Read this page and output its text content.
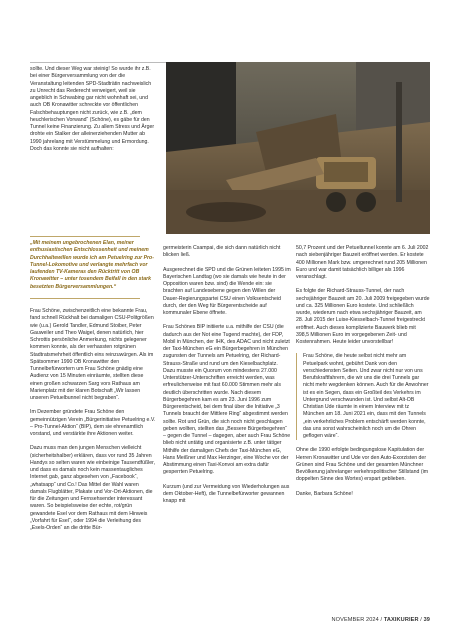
sollte. Und dieser Weg war steinig! So wurde ihr z.B. bei einer Bürgerversammlung von der die Veranstaltung leitenden SPD-Stadträtin nachweislich zu Unrecht das Rederecht verweigert, weil sie angeblich in Schwabing gar nicht wohnhaft sei, und auch OB Kronawitter schreckte vor öffentlichen Falschbehauptungen nicht zurück, wie z.B. „dem heuchlerischen Vorwand“ (Schöne), es gäbe für den Tunnel keine Finanzierung. Zu allem Stress und Ärger drohte ein Stalker der alleinerziehenden Mutter ab 1990 jahrelang mit Verstümmelung und Ermordung. Doch das konnte sie nicht aufhalten:

„Mit meinem ungebrochenen Elan, meiner enthusiastischen Entschlossenheit und meinem Durchhaltewillen wurde ich am Petuelring zur Pro-Tunnel-Lokomotive und verlangte mehrfach vor laufenden TV-Kameras den Rücktritt von OB Kronawitter – unter tosendem Beifall in den stark besetzten Bürgerversammlungen.“

Frau Schöne, zwischenzeitlich eine bekannte Frau, fand schnell Rückhalt bei damaligen CSU-Politgrößen wie (u.a.) Gerold Tandler, Edmund Stoiber, Peter Gauweiler und Theo Waigel, denen natürlich, hier Schrottis persönliche Anmerkung, nichts gelegener kommen konnte, als der verhassten rotgrünen Stadtratsmehrheit öffentlich eins reinzuwürgen. Als im Spätsommer 1990 OB Kronawitter den Tunnelbefürwortern um Frau Schöne gnädig eine Audienz von 15 Minuten einräumte, stellten diese einen großen schwarzen Sarg vors Rathaus am Marienplatz mit der klaren Botschaft „Wir lassen unseren Petuelbunnel nicht begraben“.

Im Dezember gründete Frau Schöne den gemeinnützigen Verein „Bürgerinitiative Petuelring e.V. – Pro-Tunnel-Aktion“ (BIP), dem sie ehrenamtlich vorstand, und verstärkte ihre Aktionen weiter.

Dazu muss man den jungen Menschen vielleicht (sicherheitshalber) erklären, dass vor rund 35 Jahren Handys so selten waren wie einbeinige Tausendfüßler, und dass es damals noch kein massentaugliches Internet gab, ganz abgesehen von „Facebook“, „whatsapp“ und Co.! Das Mittel der Wahl waren damals Flugblätter, Plakate und Vor-Ort-Aktionen, die für die Zeitungen und Fernsehsender interessant waren. So beispielsweise der echte, rot/grün gewandete Esel vor dem Rathaus mit dem Hinweis „Vorfahrt für Esel“, oder 1994 die Verleihung des „Esels-Orden“ an die dritte Bür-

germeisterin Csampai, die sich dann natürlich nicht blicken ließ.

Ausgerechnet die SPD und die Grünen leiteten 1995 im Bayerischen Landtag (wo sie damals wie heute in der Opposition waren bzw. sind) die Wende ein: sie brachten auf Landesebene gegen den Willen der Dauer-Regierungspartei CSU einen Volksentscheid durch, der den Weg für Bürgerentscheide auf kommunaler Ebene öffnete.

Frau Schönes BIP initiierte u.a. mithilfe der CSU (die dadurch aus der Not eine Tugend machte), der FDP, Mobil in München, der IHK, des ADAC und nicht zuletzt der Taxi-München eG ein Bürgerbegehren in München zugunsten der Tunnels am Petuelring, der Richard-Strauss-Straße und rund um den Kieselbachplatz. Dazu musste ein Quorum von mindestens 27.000 Unterstützer-Unterschriften erreicht werden, was erfreulicherweise mit fast 60.000 Stimmen mehr als deutlich überschritten wurde. Nach diesem Bürgerbegehren kam es am 23. Juni 1996 zum Bürgerentscheid, bei dem final über die Initiative „3 Tunnels braucht der Mittlere Ring“ abgestimmt werden sollte. Rot und Grün, die sich noch nicht geschlagen geben wollten, stellten das „Bessere Bürgerbegehren“ – gegen die Tunnel – dagegen, aber auch Frau Schöne blieb nicht untätig und organisierte z.B. unter tätiger Mithilfe der damaligen Chefs der Taxi-München eG, Hans Meißner und Max Herzinger, eine Woche vor der Abstimmung einen Taxi-Konvoi am extra dafür gesperrten Petuelring.

Kurzum (und zur Vermeidung von Wiederholungen aus dem Oktober-Heft), die Tunnelbefürworter gewannen knapp mit

50,7 Prozent und der Petueltunnel konnte am 6. Juli 2002 nach siebenjähriger Bauzeit eröffnet werden. Er kostete 400 Millionen Mark bzw. umgerechnet rund 205 Millionen Euro und war damit tatsächlich billiger als 1996 veranschlagt.

Es folgte der Richard-Strauss-Tunnel, der nach sechsjähriger Bauzeit am 20. Juli 2009 freigegeben wurde und ca. 325 Millionen Euro kostete. Und schließlich wurde, wiederum nach etwa sechsjähriger Bauzeit, am 28. Juli 2015 der Luise-Kiesselbach-Tunnel freigestreckt eröffnet. Auch dieses komplizierte Bauwerk blieb mit 398,5 Millionen Euro im vorgegebenen Zeit- und Kostenrahmen. Heute leider unvorstellbar!

Frau Schöne, die heute selbst nicht mehr am Petuelpark wohnt, gebührt Dank von den verschiedensten Seiten. Und zwar nicht nur von uns Berufskraftfahrern, die wir uns die drei Tunnels gar nicht mehr wegdenken können. Auch für die Anwohner ist es ein Segen, dass ein Großteil des Verkehrs im Untergrund verschwunden ist. Und selbst Alt-OB Christian Ude räumte in einem Interview mit tz München am 18. Juni 2021 ein, dass mit den Tunnels „ein verkehrliches Problem entschärft werden konnte, das uns sonst wahrscheinlich noch um die Ohren geflogen wäre“.

Ohne die 1990 erfolgte bedingungslose Kapitulation der Herren Kronawitter und Ude vor den Auto-Exorzisten der Grünen sind Frau Schöne und der gesamten Münchner Bevölkerung jahrelanger verkehrspolitischer Stillstand (im doppelten Sinne des Wortes) erspart geblieben.

Danke, Barbara Schöne!

NOVEMBER 2024 / TAXIKURIER / 39
